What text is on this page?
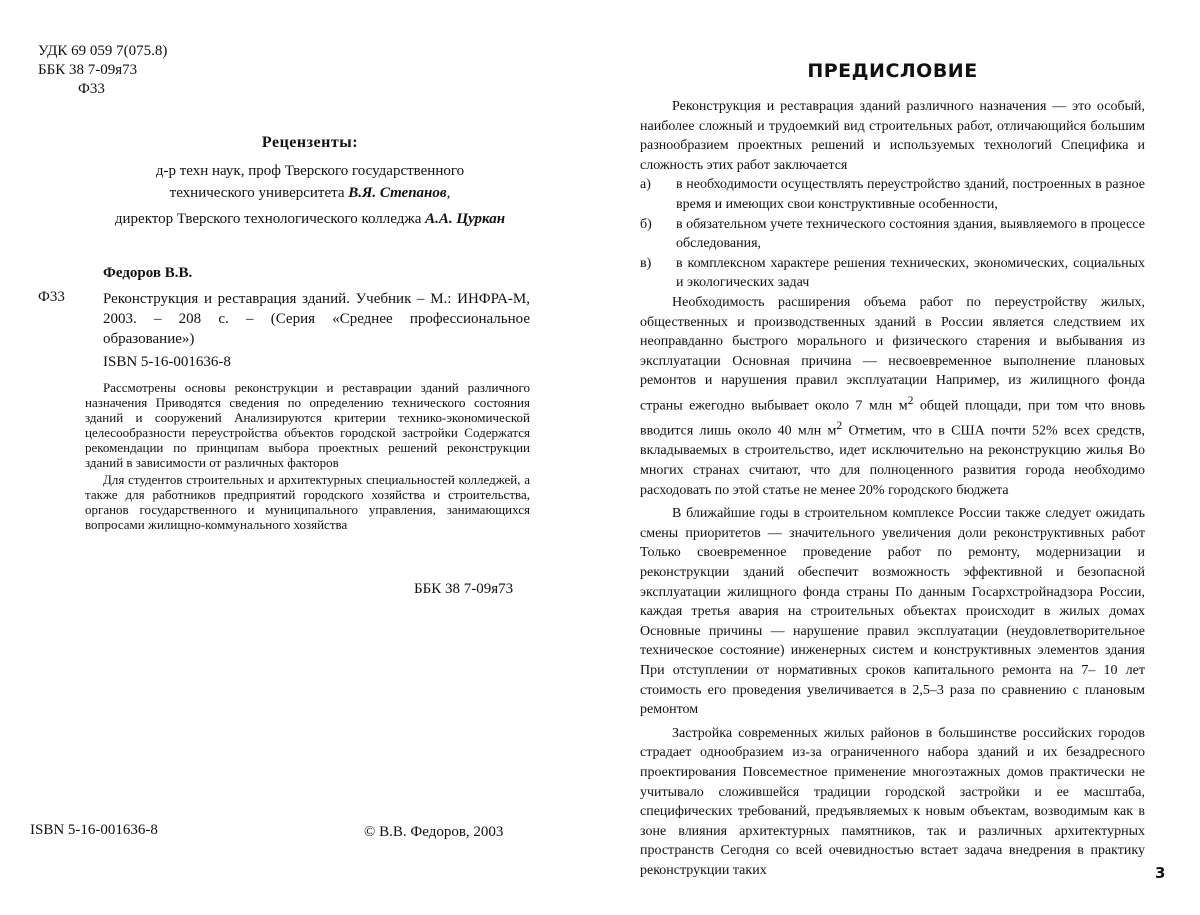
УДК 69 059 7(075.8)
ББК 38 7-09я73
Ф33
Рецензенты:
д-р техн наук, проф Тверского государственного
технического университета В.Я. Степанов,
директор Тверского технологического колледжа А.А. Цуркан
Федоров В.В.
Ф33	Реконструкция и реставрация зданий. Учебник – М.: ИНФРА-М, 2003. – 208 с. – (Серия «Среднее профессиональное образование»)
ISBN 5-16-001636-8

Рассмотрены основы реконструкции и реставрации зданий различного назначения Приводятся сведения по определению технического состояния зданий и сооружений Анализируются критерии технико-экономической целесообразности переустройства объектов городской застройки Содержатся рекомендации по принципам выбора проектных решений реконструкции зданий в зависимости от различных факторов

Для студентов строительных и архитектурных специальностей колледжей, а также для работников предприятий городского хозяйства и строительства, органов государственного и муниципального управления, занимающихся вопросами жилищно-коммунального хозяйства

ББК 38 7-09я73
ISBN 5-16-001636-8	© В.В. Федоров, 2003
ПРЕДИСЛОВИЕ

Реконструкция и реставрация зданий различного назначения — это особый, наиболее сложный и трудоемкий вид строительных работ, отличающийся большим разнообразием проектных решений и используемых технологий Специфика и сложность этих работ заключается

а)	в необходимости осуществлять переустройство зданий, построенных в разное время и имеющих свои конструктивные особенности,
б)	в обязательном учете технического состояния здания, выявляемого в процессе обследования,
в)	в комплексном характере решения технических, экономических, социальных и экологических задач

Необходимость расширения объема работ по переустройству жилых, общественных и производственных зданий в России является следствием их неоправданно быстрого морального и физического старения и выбывания из эксплуатации Основная причина — несвоевременное выполнение плановых ремонтов и нарушения правил эксплуатации Например, из жилищного фонда страны ежегодно выбывает около 7 млн $м^2$ общей площади, при том что вновь вводится лишь около 40 млн $м^2$ Отметим, что в США почти 52% всех средств, вкладываемых в строительство, идет исключительно на реконструкцию жилья Во многих странах считают, что для полноценного развития города необходимо расходовать по этой статье не менее 20% городского бюджета

В ближайшие годы в строительном комплексе России также следует ожидать смены приоритетов — значительного увеличения доли реконструктивных работ Только своевременное проведение работ по ремонту, модернизации и реконструкции зданий обеспечит возможность эффективной и безопасной эксплуатации жилищного фонда страны По данным Госархстройнадзора России, каждая третья авария на строительных объектах происходит в жилых домах Основные причины — нарушение правил эксплуатации (неудовлетворительное техническое состояние) инженерных систем и конструктивных элементов здания При отступлении от нормативных сроков капитального ремонта на 7– 10 лет стоимость его проведения увеличивается в 2,5–3 раза по сравнению с плановым ремонтом

Застройка современных жилых районов в большинстве российских городов страдает однообразием из-за ограниченного набора зданий и их безадресного проектирования Повсеместное применение многоэтажных домов практически не учитывало сложившейся традиции городской застройки и ее масштаба, специфических требований, предъявляемых к новым объектам, возводимым как в зоне влияния архитектурных памятников, так и различных архитектурных пространств Сегодня со всей очевидностью встает задача внедрения в практику реконструкции таких	3
